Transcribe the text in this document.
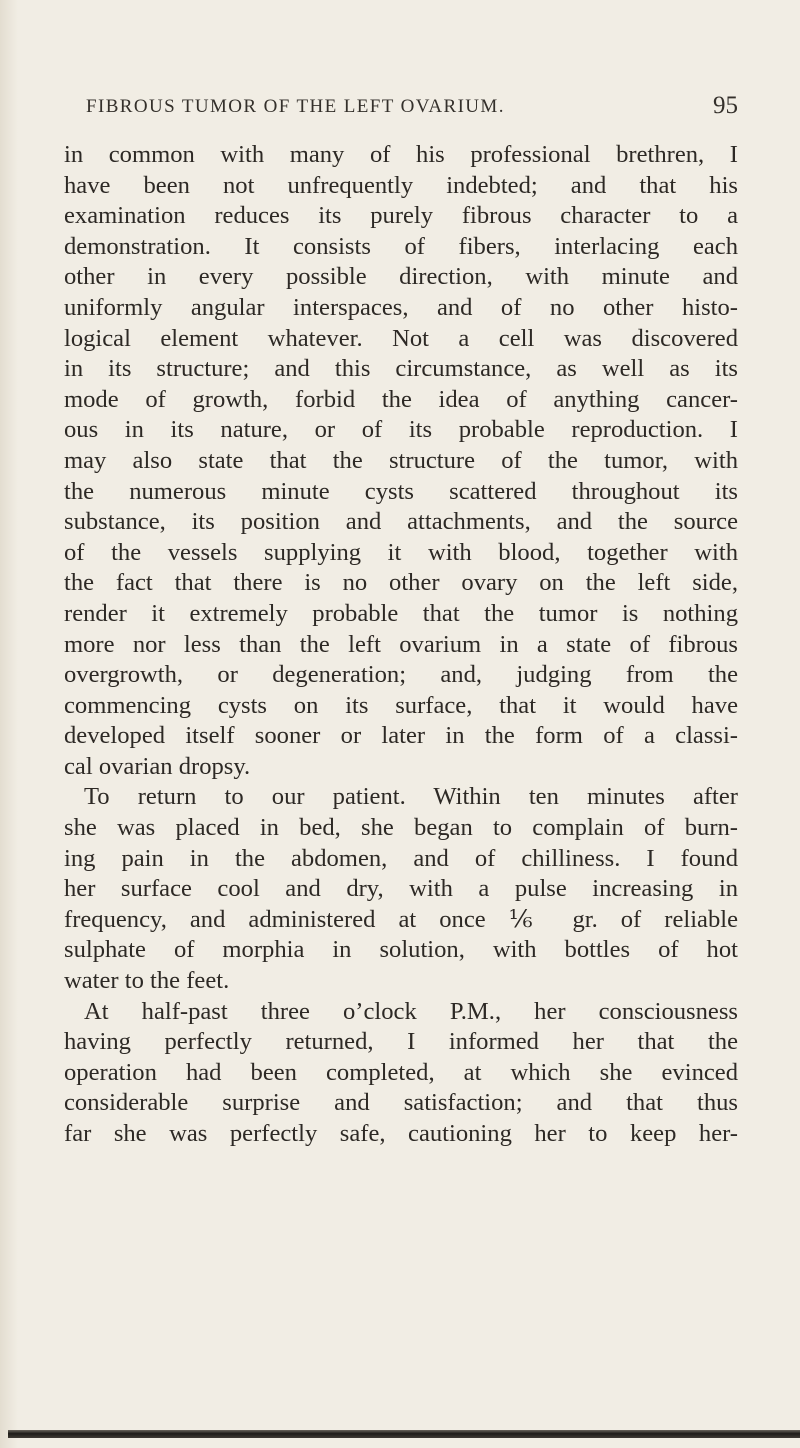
FIBROUS TUMOR OF THE LEFT OVARIUM.	95
in common with many of his professional brethren, I
have been not unfrequently indebted; and that his
examination reduces its purely fibrous character to a
demonstration. It consists of fibers, interlacing each
other in every possible direction, with minute and
uniformly angular interspaces, and of no other histo-
logical element whatever. Not a cell was discovered
in its structure; and this circumstance, as well as its
mode of growth, forbid the idea of anything cancer-
ous in its nature, or of its probable reproduction. I
may also state that the structure of the tumor, with
the numerous minute cysts scattered throughout its
substance, its position and attachments, and the source
of the vessels supplying it with blood, together with
the fact that there is no other ovary on the left side,
render it extremely probable that the tumor is nothing
more nor less than the left ovarium in a state of fibrous
overgrowth, or degeneration; and, judging from the
commencing cysts on its surface, that it would have
developed itself sooner or later in the form of a classi-
cal ovarian dropsy.
To return to our patient. Within ten minutes after
she was placed in bed, she began to complain of burn-
ing pain in the abdomen, and of chilliness. I found
her surface cool and dry, with a pulse increasing in
frequency, and administered at once ⅙ gr. of reliable
sulphate of morphia in solution, with bottles of hot
water to the feet.
At half-past three o’clock P.M., her consciousness
having perfectly returned, I informed her that the
operation had been completed, at which she evinced
considerable surprise and satisfaction; and that thus
far she was perfectly safe, cautioning her to keep her-
